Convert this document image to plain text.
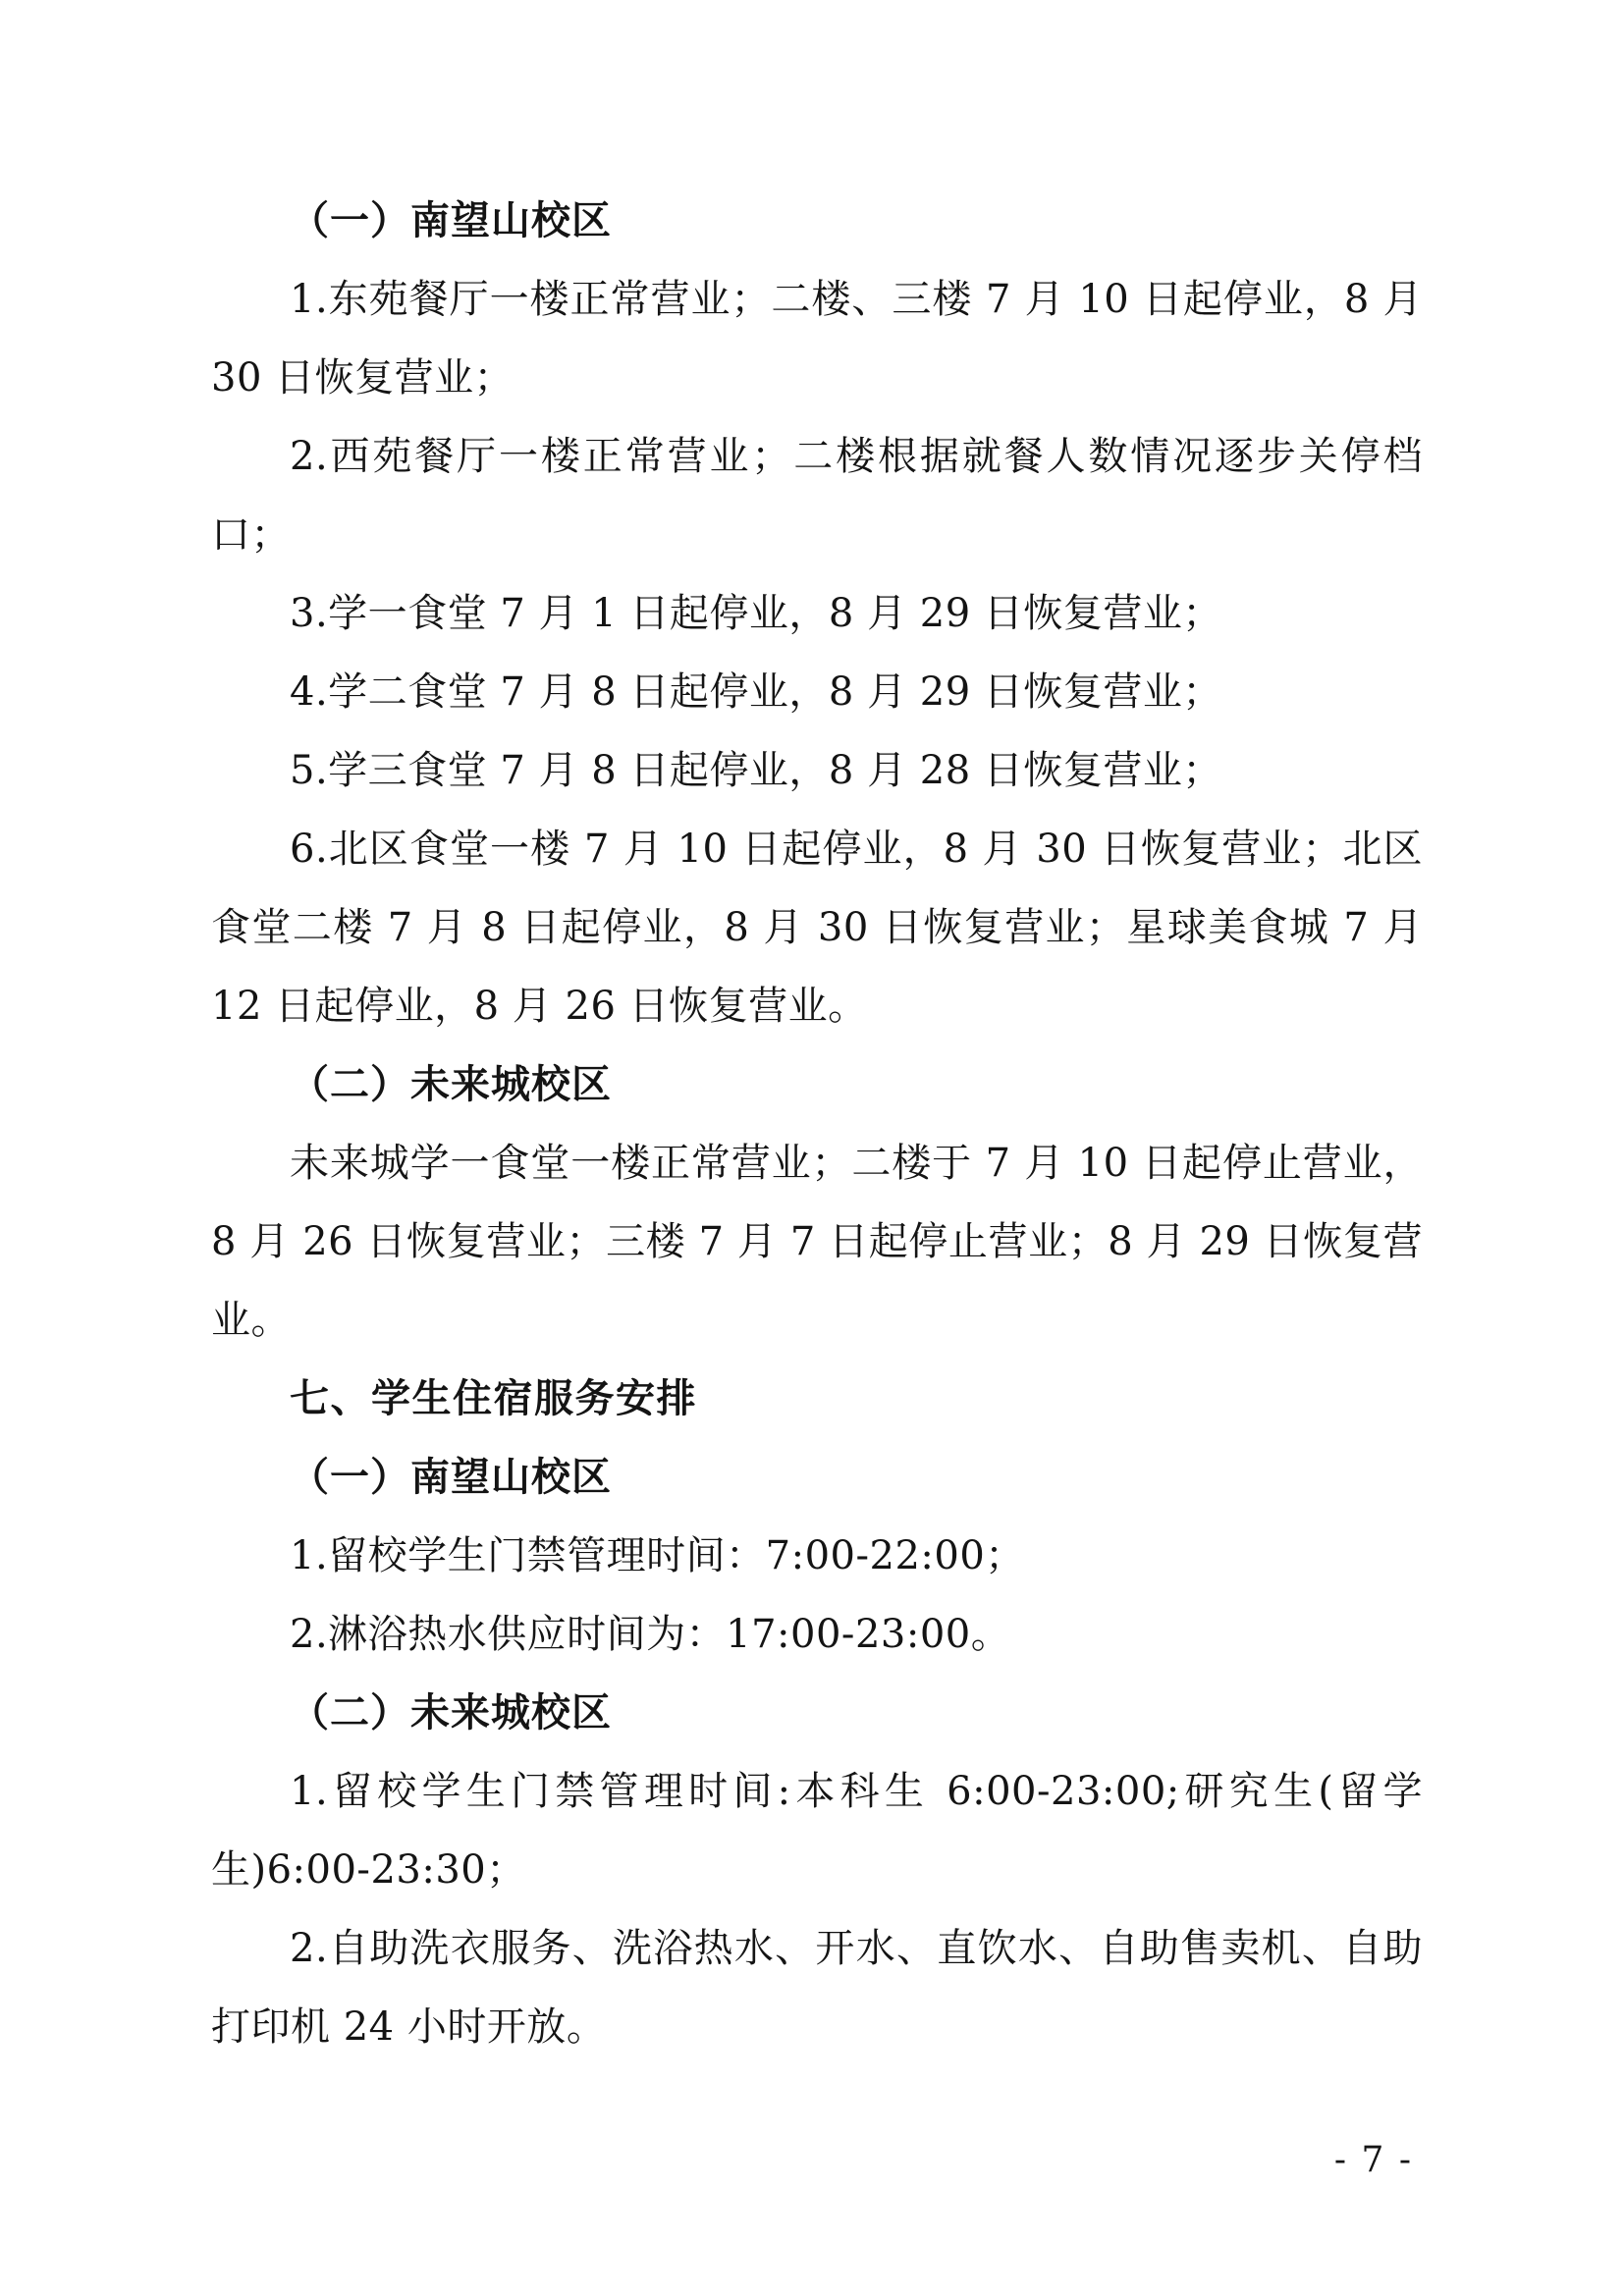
（一）南望山校区

1.东苑餐厅一楼正常营业；二楼、三楼 7 月 10 日起停业，8 月 30 日恢复营业；

2.西苑餐厅一楼正常营业；二楼根据就餐人数情况逐步关停档口；

3.学一食堂 7 月 1 日起停业，8 月 29 日恢复营业；

4.学二食堂 7 月 8 日起停业，8 月 29 日恢复营业；

5.学三食堂 7 月 8 日起停业，8 月 28 日恢复营业；

6.北区食堂一楼 7 月 10 日起停业，8 月 30 日恢复营业；北区食堂二楼 7 月 8 日起停业，8 月 30 日恢复营业；星球美食城 7 月 12 日起停业，8 月 26 日恢复营业。

（二）未来城校区

未来城学一食堂一楼正常营业；二楼于 7 月 10 日起停止营业，8 月 26 日恢复营业；三楼 7 月 7 日起停止营业；8 月 29 日恢复营业。

七、学生住宿服务安排

（一）南望山校区

1.留校学生门禁管理时间：7:00-22:00；

2.淋浴热水供应时间为：17:00-23:00。

（二）未来城校区

1.留校学生门禁管理时间:本科生 6:00-23:00;研究生(留学生)6:00-23:30；

2.自助洗衣服务、洗浴热水、开水、直饮水、自助售卖机、自助打印机 24 小时开放。

- 7 -
